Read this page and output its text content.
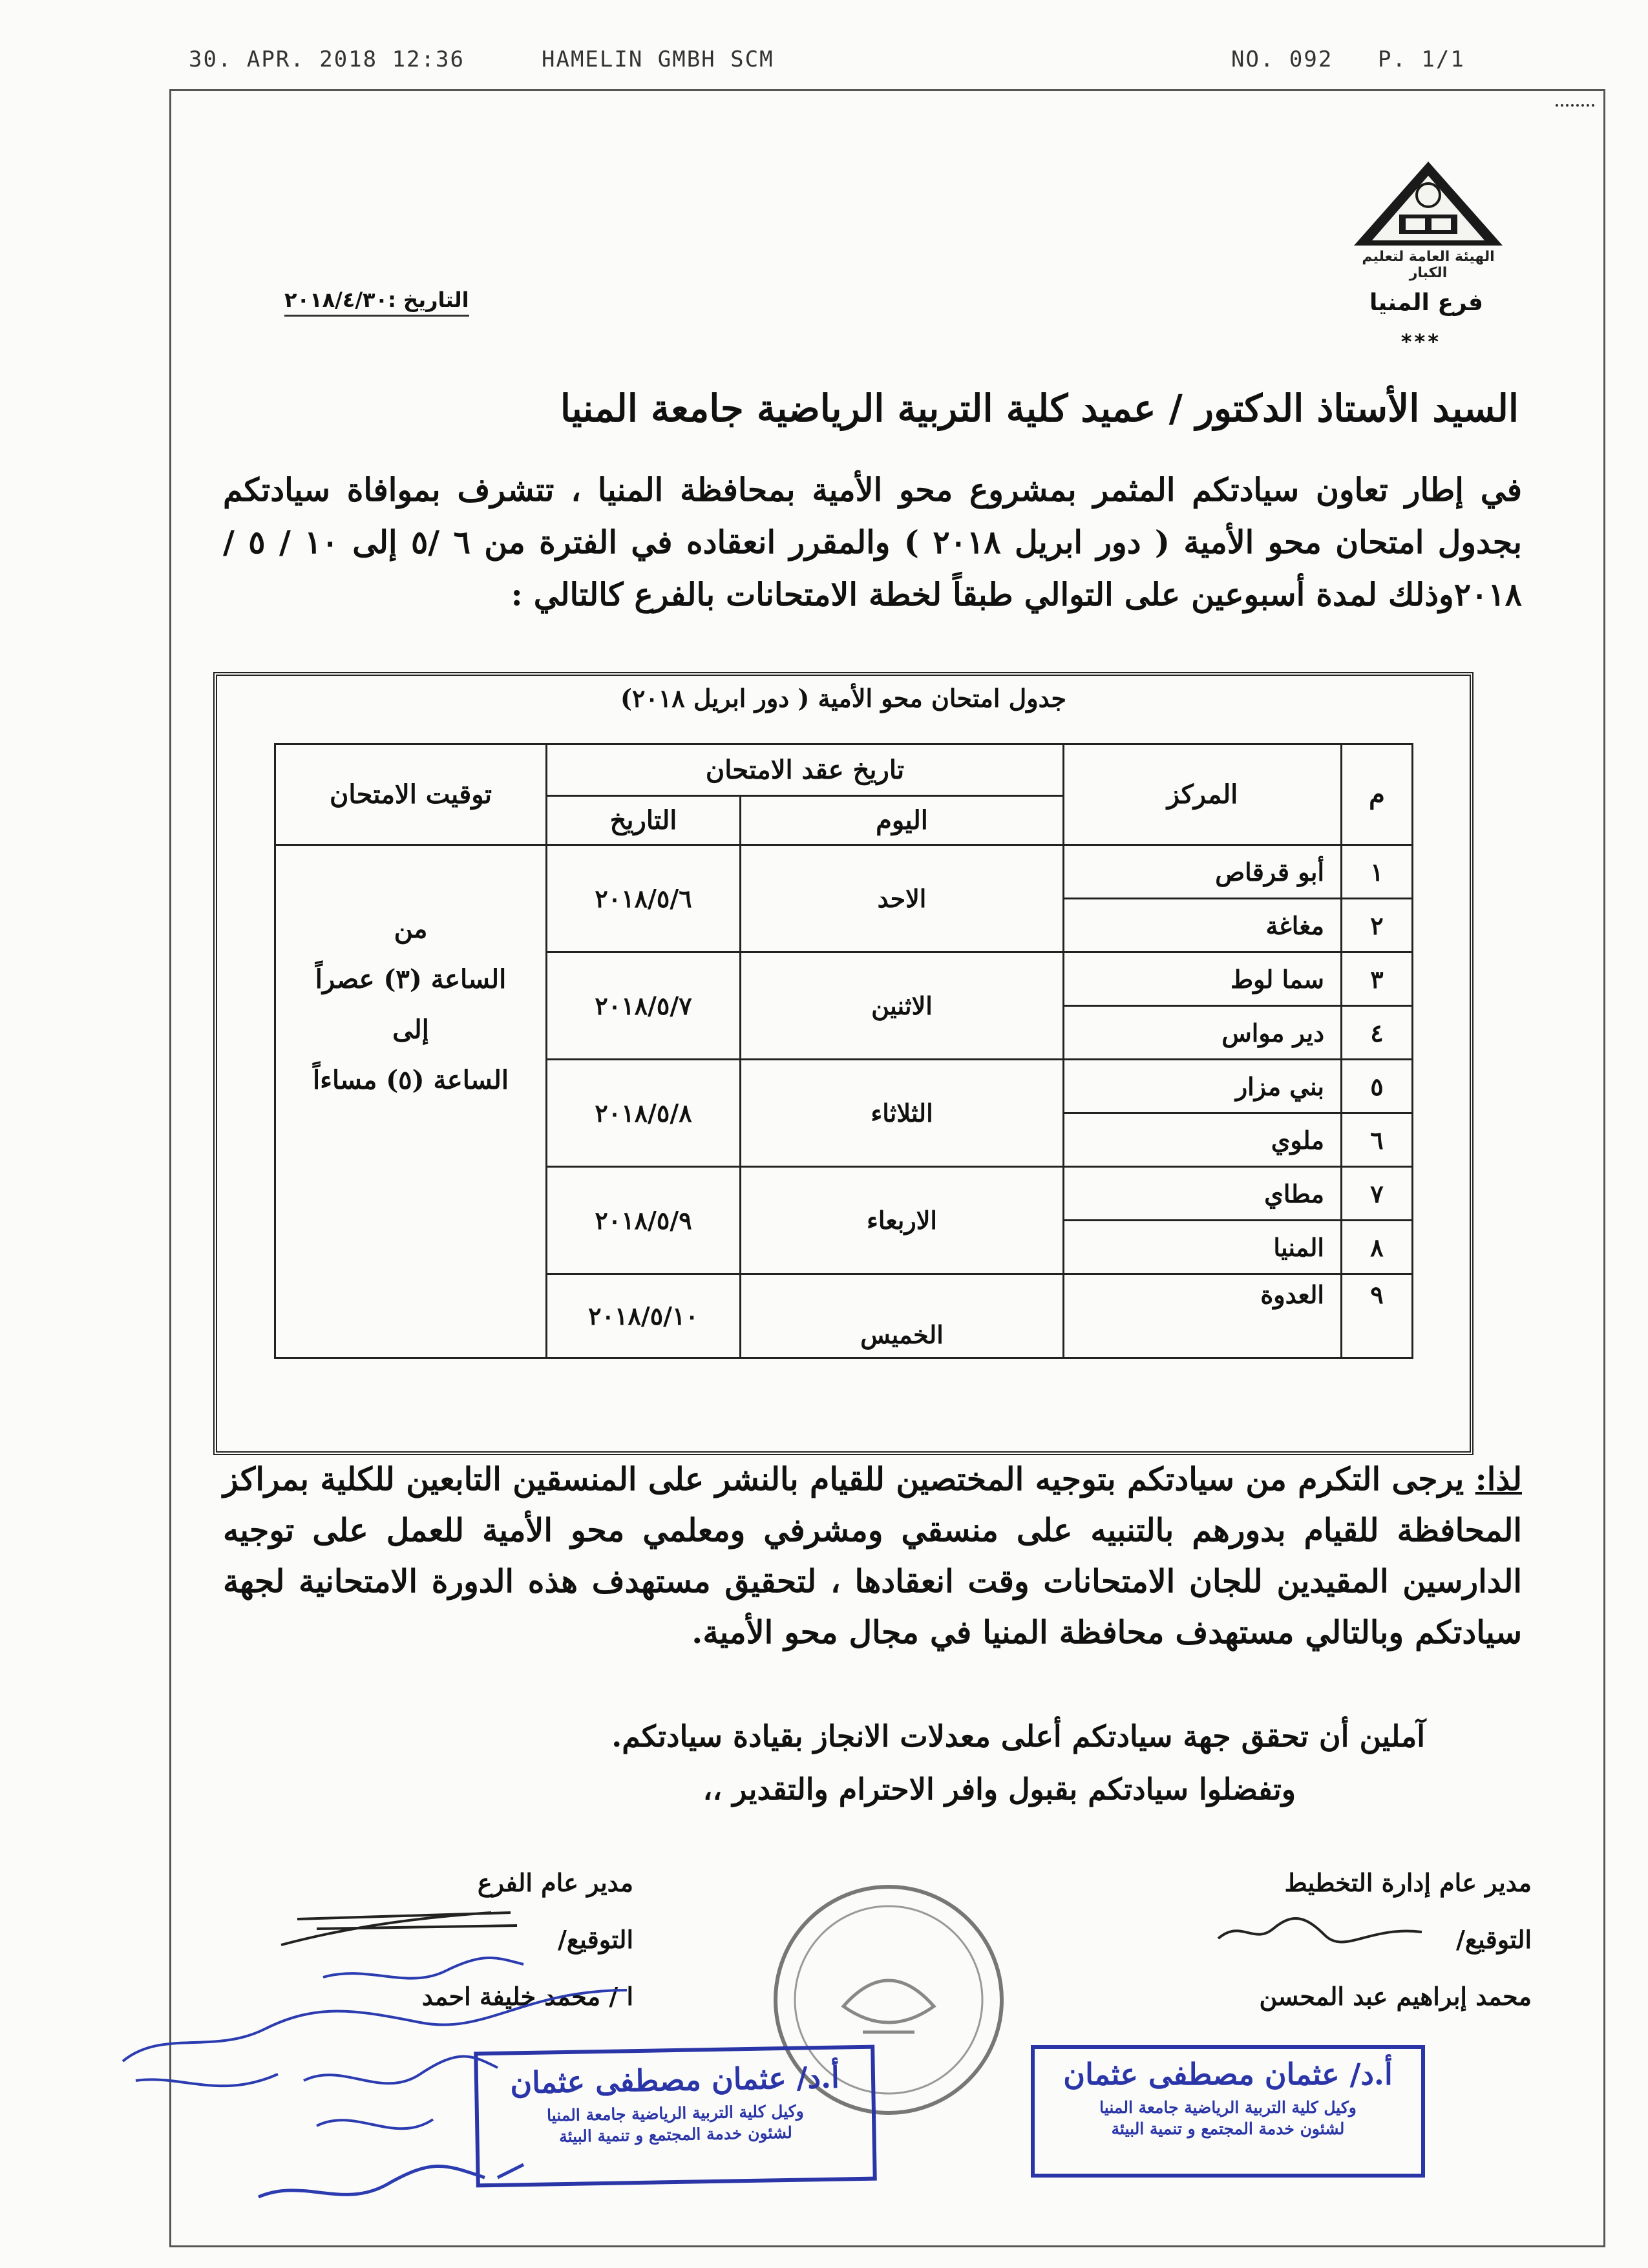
30. APR. 2018 12:36	HAMELIN GMBH SCM	NO. 092 P. 1/1
الهيئة العامة لتعليم الكبار
فرع المنيا
***
التاريخ :٢٠١٨/٤/٣٠
السيد الأستاذ الدكتور / عميد كلية التربية الرياضية جامعة المنيا
في إطار تعاون سيادتكم المثمر بمشروع محو الأمية بمحافظة المنيا ، تتشرف بموافاة سيادتكم بجدول امتحان محو الأمية ( دور ابريل ٢٠١٨ ) والمقرر انعقاده في الفترة من ٦ /٥ إلى ١٠ / ٥ /٢٠١٨وذلك لمدة أسبوعين على التوالي طبقاً لخطة الامتحانات بالفرع كالتالي :
جدول امتحان محو الأمية ( دور ابريل ٢٠١٨)
م	المركز	تاريخ عقد الامتحان		توقيت الامتحان
		اليوم	التاريخ	
١	أبو قرقاص	الاحد	٢٠١٨/٥/٦	من
الساعة (٣) عصراً
إلى
الساعة (٥) مساءاً

٢	مغاغة			
٣	سما لوط	الاثنين	٢٠١٨/٥/٧	
٤	دير مواس			
٥	بني مزار	الثلاثاء	٢٠١٨/٥/٨	
٦	ملوي			
٧	مطاي	الاربعاء	٢٠١٨/٥/٩	
٨	المنيا			
٩	العدوة	الخميس	٢٠١٨/٥/١٠	
لذا: يرجى التكرم من سيادتكم بتوجيه المختصين للقيام بالنشر على المنسقين التابعين للكلية بمراكز المحافظة للقيام بدورهم بالتنبيه على منسقي ومشرفي ومعلمي محو الأمية للعمل على توجيه الدارسين المقيدين للجان الامتحانات وقت انعقادها ، لتحقيق مستهدف هذه الدورة الامتحانية لجهة سيادتكم وبالتالي مستهدف محافظة المنيا في مجال محو الأمية.
آملين أن تحقق جهة سيادتكم أعلى معدلات الانجاز بقيادة سيادتكم.
وتفضلوا سيادتكم بقبول وافر الاحترام والتقدير ،،
مدير عام إدارة التخطيط
التوقيع/
محمد إبراهيم عبد المحسن
مدير عام الفرع
التوقيع/
ا / محمد خليفة احمد
أ.د/ عثمان مصطفى عثمان
وكيل كلية التربية الرياضية جامعة المنيا
لشئون خدمة المجتمع و تنمية البيئة
أ.د/ عثمان مصطفى عثمان
وكيل كلية التربية الرياضية جامعة المنيا
لشئون خدمة المجتمع و تنمية البيئة
